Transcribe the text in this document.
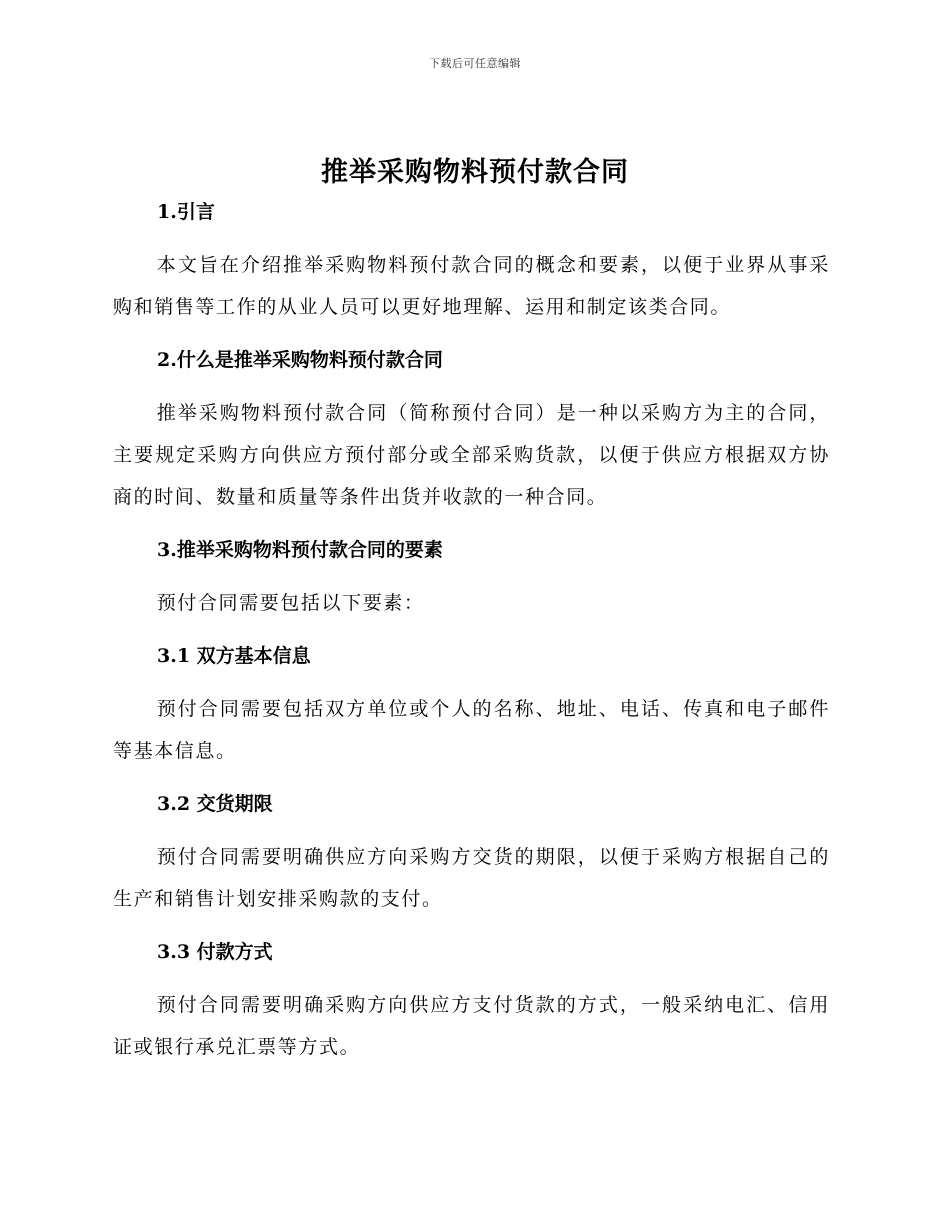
下载后可任意编辑
推举采购物料预付款合同
1.引言

本文旨在介绍推举采购物料预付款合同的概念和要素，以便于业界从事采购和销售等工作的从业人员可以更好地理解、运用和制定该类合同。

2.什么是推举采购物料预付款合同

推举采购物料预付款合同（简称预付合同）是一种以采购方为主的合同，主要规定采购方向供应方预付部分或全部采购货款，以便于供应方根据双方协商的时间、数量和质量等条件出货并收款的一种合同。

3.推举采购物料预付款合同的要素

预付合同需要包括以下要素：

3.1 双方基本信息

预付合同需要包括双方单位或个人的名称、地址、电话、传真和电子邮件等基本信息。

3.2 交货期限

预付合同需要明确供应方向采购方交货的期限，以便于采购方根据自己的生产和销售计划安排采购款的支付。

3.3 付款方式

预付合同需要明确采购方向供应方支付货款的方式，一般采纳电汇、信用证或银行承兑汇票等方式。
